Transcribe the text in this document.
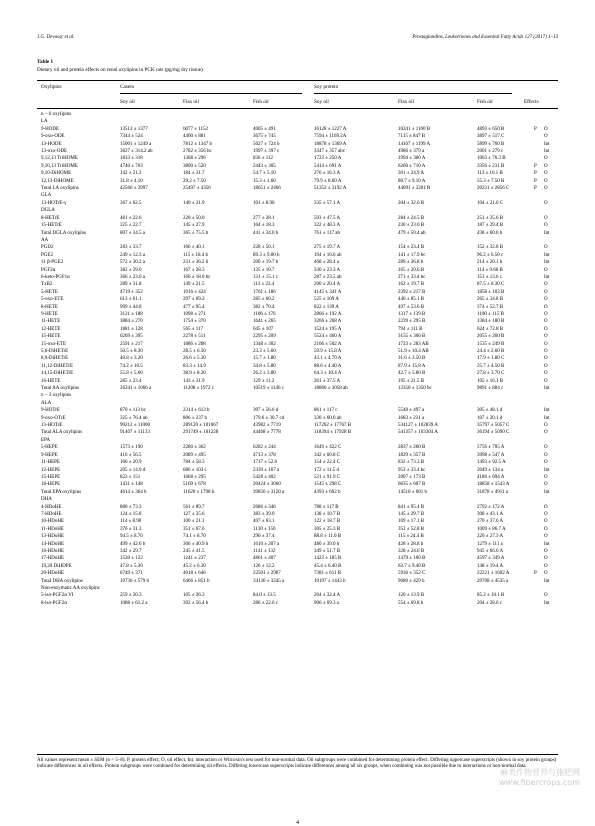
J.G. Devassy et al.	Prostaglandins, Leukotrienes and Essential Fatty Acids 127 (2017) 1–13
Table 1
Dietary oil and protein effects on renal oxylipins in PCK rats (pg/mg dry tissue).
Oxylipins	Casein	Soy protein
Soy oil	Flax oil	Fish oil	Soy oil	Flax oil	Fish oil	Effects
n − 6 oxylipins
LA
9-HODE	13513 ± 1377	6077 ± 1152	4005 ± 491	16128 ± 1227 A	10241 ± 1100 B	4893 ± 650 B	P O
9-oxo-ODE	7344 ± 524	4400 ± 881	3675 ± 745	7594 ± 1169.2A	7115 ± 847 B	3897 ± 517 C	O
13-HODE	15001 ± 1249 a	7812 ± 1347 b	5627 ± 724 b	18878 ± 1369 A	14167 ± 1199 A	5899 ± 760 B	Int
13-oxo-ODE	3827 ± 314.2 ab	2782 ± 356 bc	1997 ± 397 c	3347 ± 357 abc	4986 ± 379 a	2001 ± 279 c	Int
9,12,13 TriHOME	1833 ± 318	1368 ± 296	836 ± 112	1723 ± 250 A	1994 ± 300 A	1063 ± 76.3 B	O
9,10,13 TriHOME	4740 ± 763	3800 ± 520	2443 ± 305	5414 ± 691 A	6260 ± 710 A	3356 ± 231 B	P O
9,10-DiHOME	142 ± 21.3	184 ± 31.7	54.7 ± 5.10	276 ± 16.3 A	301 ± 24.9 A	113 ± 16.1 B	P O
12,13-DiHOME	31.8 ± 4.10	29.2 ± 7.50	15.3 ± 1.60	79.9 ± 8.60 A	80.7 ± 9.10 A	55.3 ± 7.50 B	P O
Total LA oxylipins	42566 ± 3997	25497 ± 4356	18651 ± 2466	51352 ± 3192 A	44091 ± 3201 B	20231 ± 2856 C	P O
GLA
13-HOTrE-γ	367 ± 62.5	140 ± 31.9	101 ± 8.90	335 ± 57.1 A	204 ± 32.6 B	104 ± 21.0 C	O
DGLA
8-HETrE	481 ± 22.6	220 ± 50.0	277 ± 28.1	503 ± 47.5 A	284 ± 24.5 B	251 ± 35.6 B	O
15-HETrE	325 ± 22.7	145 ± 27.9	164 ± 18.3	322 ± 48.3 A	230 ± 23.0 B	187 ± 29.4 B	O
Total DGLA oxylipins	807 ± 34.5 a	365 ± 75.5 b	441 ± 34.0 b	761 ± 117 ab	479 ± 50.4 ab	438 ± 60.0 b	Int
AA
PGD2	283 ± 33.7	166 ± 40.1	228 ± 50.1	275 ± 19.7 A	154 ± 23.4 B	152 ± 32.8 B	O
PGE2	249 ± 12.3 a	115 ± 18.4 b	89.3 ± 9.00 b	194 ± 16.6 ab	141 ± 17.9 bc	96.2 ± 6.50 c	Int
11 β-PGE2	572 ± 30.2 a	231 ± 36.2 b	200 ± 19.7 b	468 ± 28.4 a	289 ± 36.8 b	214 ± 20.1 b	Int
PGF2α	382 ± 29.0	167 ± 28.3	135 ± 10.7	330 ± 23.3 A	165 ± 20.6 B	114 ± 9.60 B	O
6-keto-PGF1α	366 ± 23.6 a	166 ± 18.0 bc	131 ± 15.1 c	287 ± 23.5 ab	271 ± 33.4 bc	151 ± 13.6 c	Int
TxB2	289 ± 31.8	149 ± 21.5	113 ± 23.4	200 ± 20.4 A	162 ± 19.7 B	87.5 ± 8.30 C	O
5-HETE	4719 ± 352	1916 ± 424	1761 ± 186	4145 ± 341 A	2392 ± 217 B	1858 ± 103 B	O
5-oxo-ETE	613 ± 61.1	297 ± 69.2	285 ± 60.2	525 ± 109 A	440 ± 85.1 B	265 ± 34.8 B	O
8-HETE	999 ± 44.8	477 ± 95.4	382 ± 70.4	822 ± 139 A	497 ± 53.6 B	374 ± 52.7 B	O
9-HETE	3121 ± 188	1098 ± 271	1106 ± 176	2866 ± 192 A	1317 ± 139 B	1100 ± 115 B	O
11-HETE	3884 ± 270	1754 ± 370	1641 ± 265	3266 ± 268 A	2239 ± 295 B	1384 ± 180 B	O
12-HETE	1881 ± 128	565 ± 117	645 ± 107	1524 ± 195 A	794 ± 111 B	624 ± 72.8 B	O
15-HETE	6269 ± 395	2278 ± 511	2295 ± 209	5524 ± 460 A	3155 ± 366 B	2055 ± 260 B	O
15-oxo-ETE	2591 ± 217	1886 ± 288	1348 ± 302	2166 ± 502 A	1723 ± 283 AB	1535 ± 249 B	O
5,6-DiHETrE	50.5 ± 8.30	28.5 ± 6.30	23.3 ± 5.60	59.9 ± 15.8 A	51.9 ± 10.4 AB	24.4 ± 2.60 B	O
8,9-DiHETrE	40.8 ± 3.20	26.6 ± 5.30	15.7 ± 1.80	43.1 ± 4.70 A	31.6 ± 3.50 B	17.9 ± 1.80 C	O
11,12-DiHETrE	74.2 ± 10.5	83.3 ± 14.9	34.8 ± 5.80	88.6 ± 4.40 A	87.9 ± 15.8 A	25.7 ± 4.50 B	O
14,15-DiHETrE	55.8 ± 5.60	38.9 ± 8.30	26.2 ± 3.80	64.3 ± 10.4 A	42.7 ± 5.80 B	27.8 ± 3.70 C	O
16-HETE	285 ± 23.4	143 ± 31.9	129 ± 11.2	261 ± 37.5 A	195 ± 21.5 B	105 ± 16.1 B	O
Total AA oxylipins	26241 ± 1066 a	11208 ± 1972 c	10519 ± 1146 c	18860 ± 3058 ab	13350 ± 1350 bc	9891 ± 884 c	Int
n − 3 oxylipins
ALA
9-HOTrE	870 ± 113 bc	2314 ± 613 b	307 ± 56.6 d	861 ± 117 c	5548 ± 497 a	305 ± 48.1 d	Int
9-oxo-OTrE	325 ± 76.4 ab	806 ± 237 b	179.6 ± 30.7 cd	330 ± 60.0 ab	1683 ± 231 a	107 ± 20.1 d	Int
13-HOTrE	90212 ± 11000	289120 ± 101067	43982 ± 7719	117202 ± 17767 B	534127 ± 102839 A	35797 ± 5057 C	O
Total ALA oxylipins	91407 ± 11133	291749 ± 101228	44468 ± 7778	118394 ± 17928 B	541357 ± 103304 A	36194 ± 5090 C	O
EPA
5-HEPE	1573 ± 190	2280 ± 362	6282 ± 244	1649 ± 422 C	2837 ± 260 B	5756 ± 705 A	O
9-HEPE	416 ± 56.5	2089 ± 495	4713 ± 378	342 ± 60.8 C	1829 ± 357 B	3998 ± 547 A	O
11-HEPE	166 ± 20.9	784 ± 58.3	1717 ± 52.6	154 ± 22.4 C	832 ± 73.3 B	1493 ± 92.5 A	O
12-HEPE	205 ± 14.9 d	686 ± 103 c	2339 ± 167 a	172 ± 11.5 d	953 ± 33.4 bc	2049 ± 134 a	Int
15-HEPE	823 ± 151	1668 ± 295	5428 ± 402	531 ± 91.9 C	2007 ± 173 B	4186 ± 694 A	O
18-HEPE	1431 ± 148	5169 ± 678	20424 ± 3060	1545 ± 298 C	6635 ± 607 B	18858 ± 1543 A	O
Total EPA oxylipins	4614 ± 364 b	11620 ± 1798 b	39856 ± 3120 a	4393 ± 602 b	14510 ± 601 b	31878 ± 4911 a	Int
DHA
4-HDoHE	880 ± 73.3	561 ± 89.7	2686 ± 346	788 ± 117 B	841 ± 95.4 B	2792 ± 172 A	O
7-HDoHE	124 ± 15.8	127 ± 35.6	383 ± 39.0	138 ± 10.7 B	145 ± 29.7 B	308 ± 43.1 A	O
10-HDoHE	114 ± 8.90	100 ± 21.1	407 ± 63.1	122 ± 18.7 B	109 ± 17.1 B	270 ± 37.6 A	O
11-HDoHE	376 ± 31.3	351 ± 67.6	1130 ± 150	305 ± 25.3 B	352 ± 52.8 B	1009 ± 86.7 A	O
13-HDoHE	94.5 ± 8.70	74.1 ± 8.70	290 ± 37.4	88.8 ± 11.0 B	115 ± 24.4 B	220 ± 27.3 A	O
14-HDoHE	499 ± 42.6 b	306 ± 40.9 b	1610 ± 207 a	480 ± 39.0 b	428 ± 28.8 b	1279 ± 111 a	Int
16-HDoHE	342 ± 29.7	245 ± 41.5	1141 ± 132	349 ± 51.7 B	328 ± 24.6 B	945 ± 66.6 A	O
17-HDoHE	1520 ± 122	1241 ± 237	4861 ± 407	1423 ± 185 B	1479 ± 100 B	4597 ± 349 A	O
19,20 DiHDPE	47.8 ± 5.30	45.2 ± 6.30	126 ± 12.2	45.4 ± 6.40 B	63.7 ± 9.40 B	148 ± 19.4 A	O
20-HDoHE	6749 ± 371	4018 ± 646	22501 ± 2987	7381 ± 611 B	5936 ± 352 C	22221 ± 1602 A	P O
Total DHA oxylipins	10736 ± 579 b	6466 ± 851 b	34136 ± 3245 a	10197 ± 1443 b	9680 ± 429 b	29708 ± 4535 a	Int
Non-enzymatic AA oxylipins
5-iso-PGF2α VI	259 ± 20.3	105 ± 26.3	84.0 ± 13.5	204 ± 32.4 A	120 ± 13.9 B	85.2 ± 10.1 B	O
8-iso-PGF2α	1088 ± 61.2 a	392 ± 56.4 b	286 ± 22.6 c	906 ± 69.3 a	554 ± 69.8 b	204 ± 28.6 c	Int
All values represent mean ± SEM (n = 5–8). P, protein effect; O, oil effect, Int, interaction or Wilcoxin's test used for non-normal data. Oil subgroups were combined for determining protein effect. Differing uppercase superscripts (shown in soy protein groups) indicate differences in oil effects. Protein subgroups were combined for determining oil effects. Differing lowercase superscripts indicate differences among all six groups, when combining was not possible due to interactions or non-normal data.
麻类作物营养与施肥网
www.fibercrops.com
4
